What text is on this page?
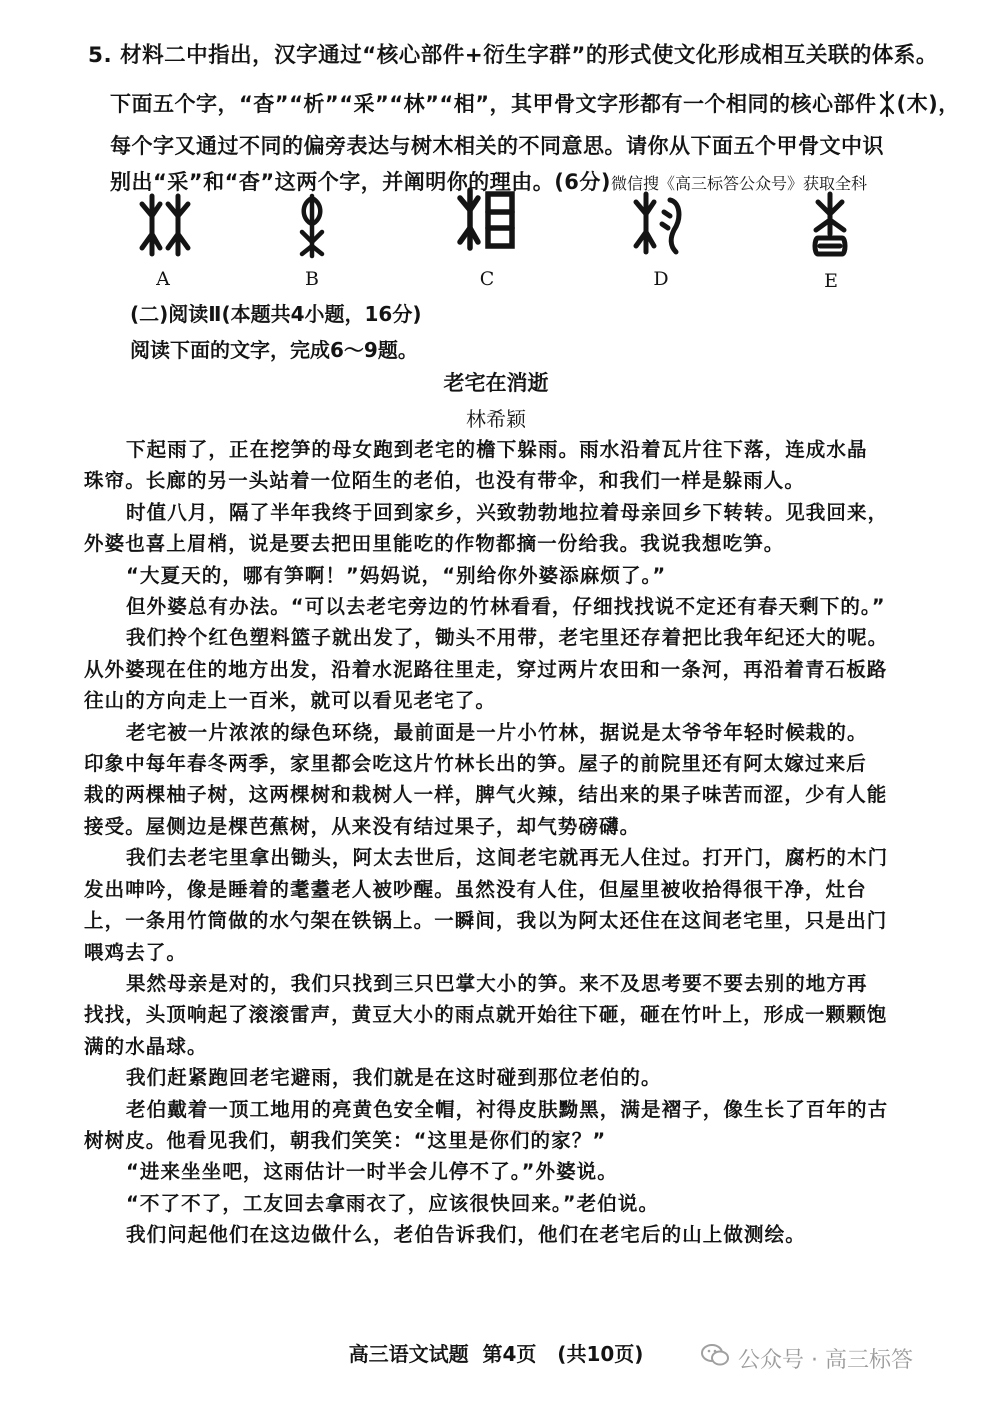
5. 材料二中指出，汉字通过“核心部件+衍生字群”的形式使文化形成相互关联的体系。
下面五个字，“杳”“析”“采”“林”“相”，其甲骨文字形都有一个相同的核心部件 (木)，
每个字又通过不同的偏旁表达与树木相关的不同意思。请你从下面五个甲骨文中识
别出“采”和“杳”这两个字，并阐明你的理由。(6分)微信搜《高三标答公众号》获取全科
A	B	C	D	E
(二)阅读Ⅱ(本题共4小题，16分)
阅读下面的文字，完成6～9题。
老宅在消逝
林希颖
下起雨了，正在挖笋的母女跑到老宅的檐下躲雨。雨水沿着瓦片往下落，连成水晶
珠帘。长廊的另一头站着一位陌生的老伯，也没有带伞，和我们一样是躲雨人。
时值八月，隔了半年我终于回到家乡，兴致勃勃地拉着母亲回乡下转转。见我回来，
外婆也喜上眉梢，说是要去把田里能吃的作物都摘一份给我。我说我想吃笋。
“大夏天的，哪有笋啊！”妈妈说，“别给你外婆添麻烦了。”
但外婆总有办法。“可以去老宅旁边的竹林看看，仔细找找说不定还有春天剩下的。”
我们拎个红色塑料篮子就出发了，锄头不用带，老宅里还存着把比我年纪还大的呢。
从外婆现在住的地方出发，沿着水泥路往里走，穿过两片农田和一条河，再沿着青石板路
往山的方向走上一百米，就可以看见老宅了。
老宅被一片浓浓的绿色环绕，最前面是一片小竹林，据说是太爷爷年轻时候栽的。
印象中每年春冬两季，家里都会吃这片竹林长出的笋。屋子的前院里还有阿太嫁过来后
栽的两棵柚子树，这两棵树和栽树人一样，脾气火辣，结出来的果子味苦而涩，少有人能
接受。屋侧边是棵芭蕉树，从来没有结过果子，却气势磅礴。
我们去老宅里拿出锄头，阿太去世后，这间老宅就再无人住过。打开门，腐朽的木门
发出呻吟，像是睡着的耄耋老人被吵醒。虽然没有人住，但屋里被收拾得很干净，灶台
上，一条用竹筒做的水勺架在铁锅上。一瞬间，我以为阿太还住在这间老宅里，只是出门
喂鸡去了。
果然母亲是对的，我们只找到三只巴掌大小的笋。来不及思考要不要去别的地方再
找找，头顶响起了滚滚雷声，黄豆大小的雨点就开始往下砸，砸在竹叶上，形成一颗颗饱
满的水晶球。
我们赶紧跑回老宅避雨，我们就是在这时碰到那位老伯的。
老伯戴着一顶工地用的亮黄色安全帽，衬得皮肤黝黑，满是褶子，像生长了百年的古
树树皮。他看见我们，朝我们笑笑：“这里是你们的家？”
“进来坐坐吧，这雨估计一时半会儿停不了。”外婆说。
“不了不了，工友回去拿雨衣了，应该很快回来。”老伯说。
我们问起他们在这边做什么，老伯告诉我们，他们在老宅后的山上做测绘。
高三语文试题  第4页   (共10页)	公众号 · 高三标答
